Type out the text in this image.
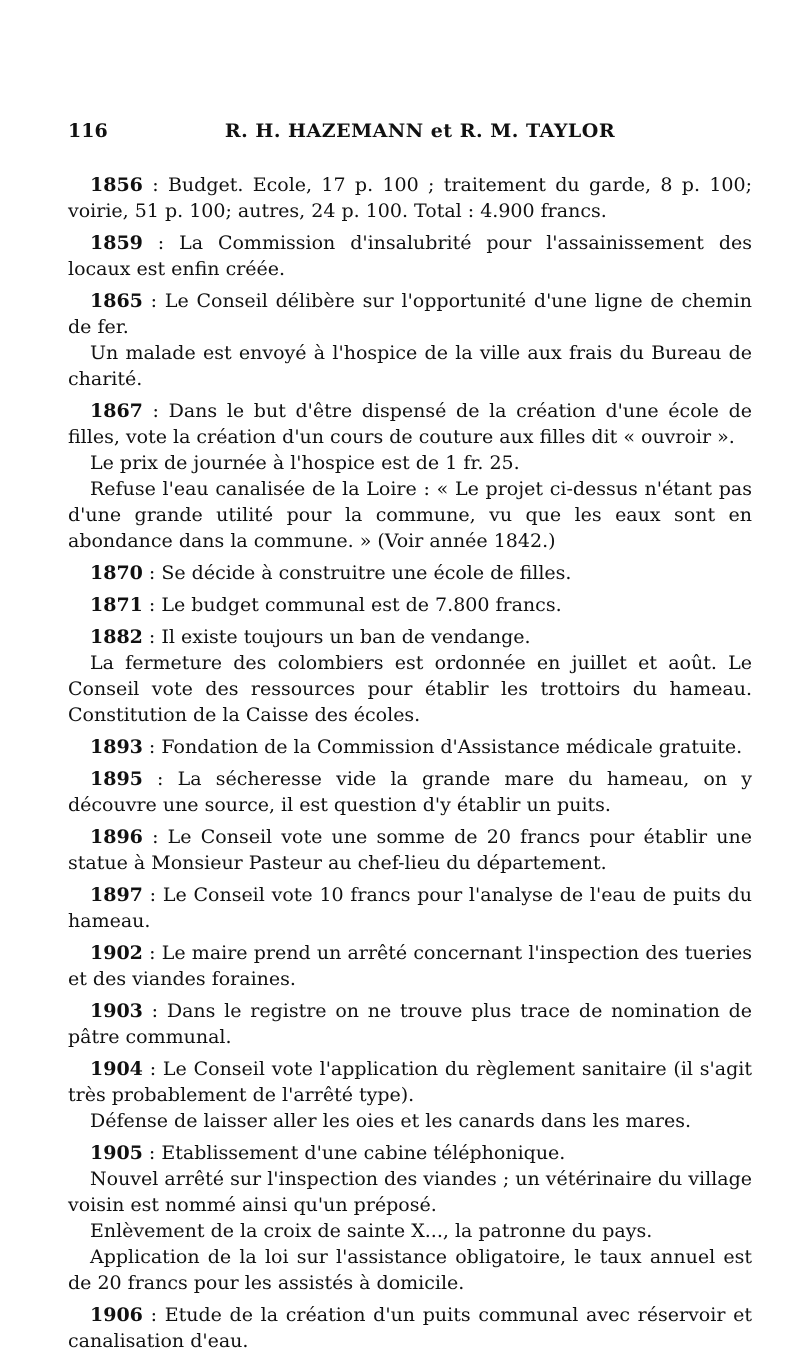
116	R. H. HAZEMANN et R. M. TAYLOR

1856 : Budget. Ecole, 17 p. 100 ; traitement du garde, 8 p. 100; voirie, 51 p. 100; autres, 24 p. 100. Total : 4.900 francs.

1859 : La Commission d'insalubrité pour l'assainissement des locaux est enfin créée.

1865 : Le Conseil délibère sur l'opportunité d'une ligne de chemin de fer.

Un malade est envoyé à l'hospice de la ville aux frais du Bureau de charité.

1867 : Dans le but d'être dispensé de la création d'une école de filles, vote la création d'un cours de couture aux filles dit « ouvroir ».

Le prix de journée à l'hospice est de 1 fr. 25.

Refuse l'eau canalisée de la Loire : « Le projet ci-dessus n'étant pas d'une grande utilité pour la commune, vu que les eaux sont en abondance dans la commune. » (Voir année 1842.)

1870 : Se décide à construitre une école de filles.

1871 : Le budget communal est de 7.800 francs.

1882 : Il existe toujours un ban de vendange.

La fermeture des colombiers est ordonnée en juillet et août. Le Conseil vote des ressources pour établir les trottoirs du hameau. Constitution de la Caisse des écoles.

1893 : Fondation de la Commission d'Assistance médicale gratuite.

1895 : La sécheresse vide la grande mare du hameau, on y découvre une source, il est question d'y établir un puits.

1896 : Le Conseil vote une somme de 20 francs pour établir une statue à Monsieur Pasteur au chef-lieu du département.

1897 : Le Conseil vote 10 francs pour l'analyse de l'eau de puits du hameau.

1902 : Le maire prend un arrêté concernant l'inspection des tueries et des viandes foraines.

1903 : Dans le registre on ne trouve plus trace de nomination de pâtre communal.

1904 : Le Conseil vote l'application du règlement sanitaire (il s'agit très probablement de l'arrêté type).

Défense de laisser aller les oies et les canards dans les mares.

1905 : Etablissement d'une cabine téléphonique.

Nouvel arrêté sur l'inspection des viandes ; un vétérinaire du village voisin est nommé ainsi qu'un préposé.

Enlèvement de la croix de sainte X..., la patronne du pays.

Application de la loi sur l'assistance obligatoire, le taux annuel est de 20 francs pour les assistés à domicile.

1906 : Etude de la création d'un puits communal avec réservoir et canalisation d'eau.
